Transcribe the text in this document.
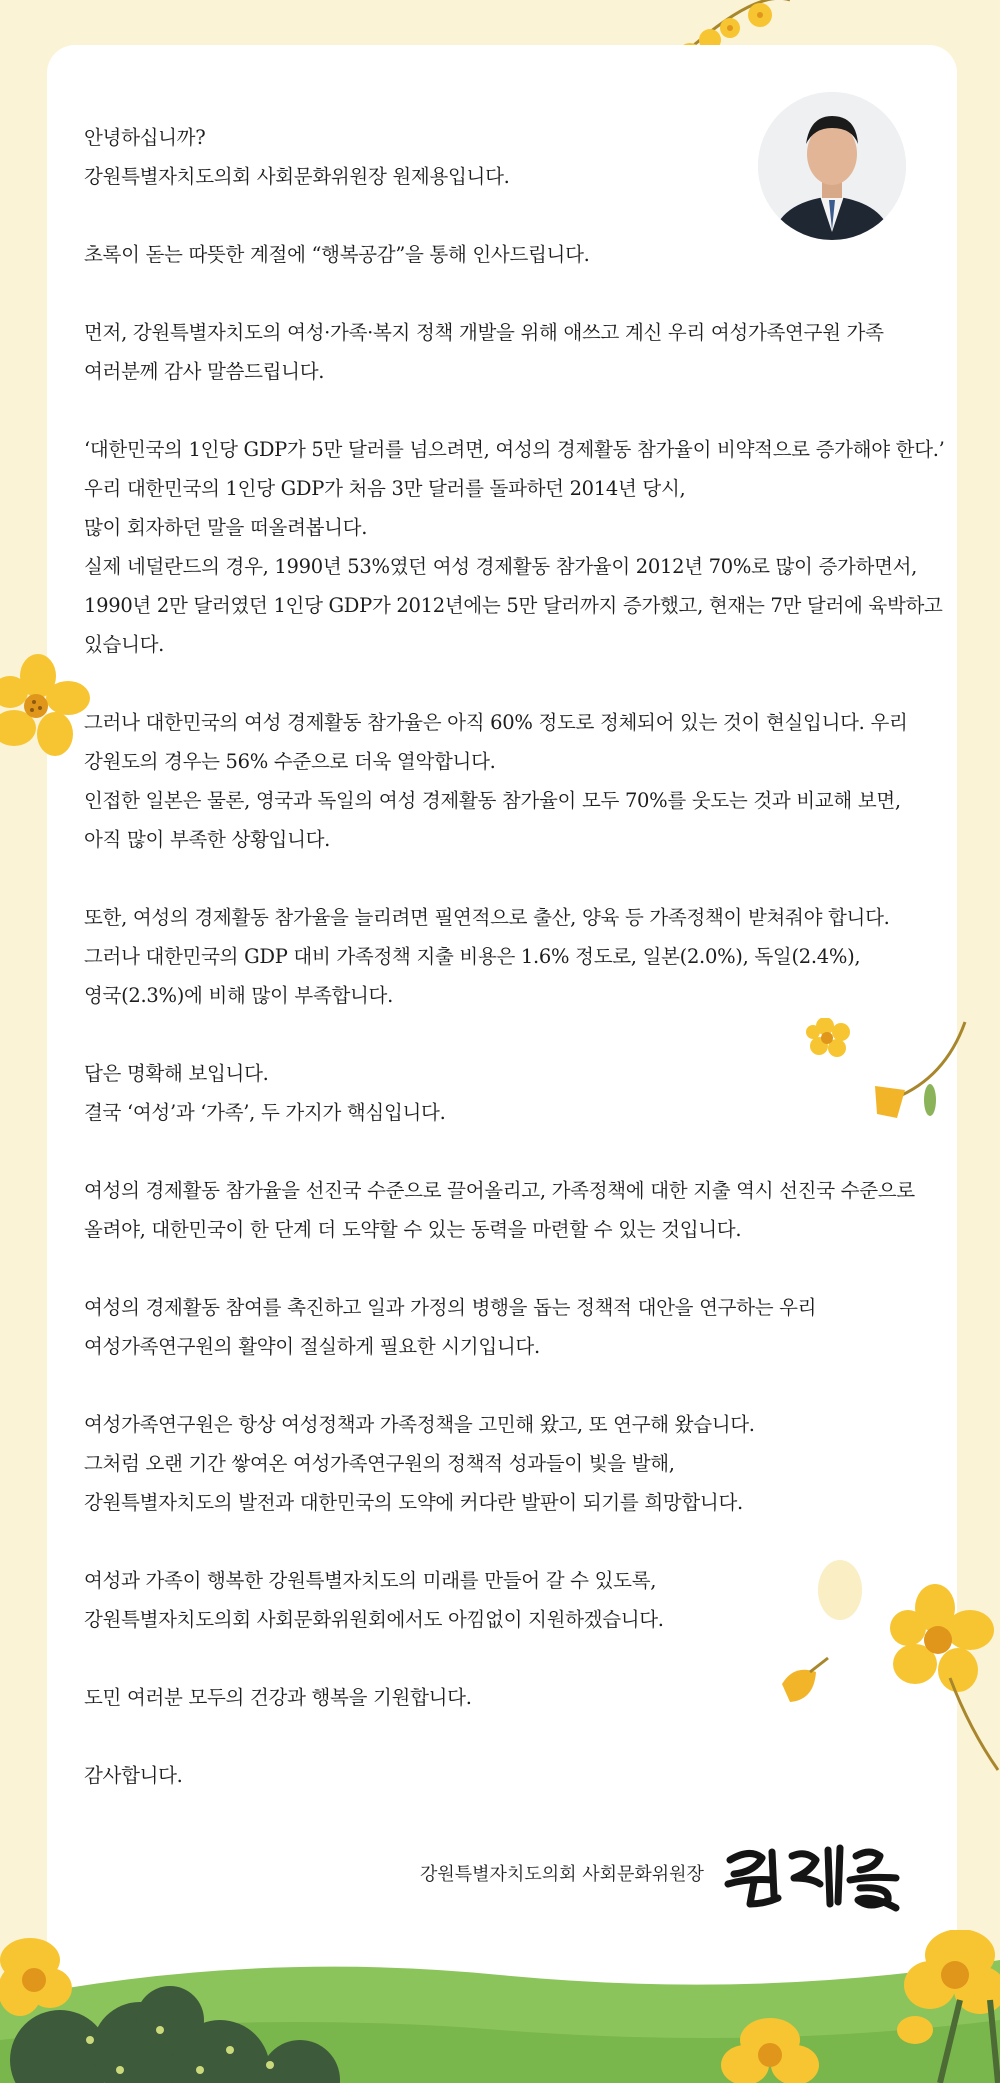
안녕하십니까?
강원특별자치도의회 사회문화위원장 원제용입니다.
초록이 돋는 따뜻한 계절에 “행복공감”을 통해 인사드립니다.
먼저, 강원특별자치도의 여성·가족·복지 정책 개발을 위해 애쓰고 계신 우리 여성가족연구원 가족
여러분께 감사 말씀드립니다.
‘대한민국의 1인당 GDP가 5만 달러를 넘으려면, 여성의 경제활동 참가율이 비약적으로 증가해야 한다.’
우리 대한민국의 1인당 GDP가 처음 3만 달러를 돌파하던 2014년 당시,
많이 회자하던 말을 떠올려봅니다.
실제 네덜란드의 경우, 1990년 53%였던 여성 경제활동 참가율이 2012년 70%로 많이 증가하면서,
1990년 2만 달러였던 1인당 GDP가 2012년에는 5만 달러까지 증가했고, 현재는 7만 달러에 육박하고
있습니다.
그러나 대한민국의 여성 경제활동 참가율은 아직 60% 정도로 정체되어 있는 것이 현실입니다. 우리
강원도의 경우는 56% 수준으로 더욱 열악합니다.
인접한 일본은 물론, 영국과 독일의 여성 경제활동 참가율이 모두 70%를 웃도는 것과 비교해 보면,
아직 많이 부족한 상황입니다.
또한, 여성의 경제활동 참가율을 늘리려면 필연적으로 출산, 양육 등 가족정책이 받쳐줘야 합니다.
그러나 대한민국의 GDP 대비 가족정책 지출 비용은 1.6% 정도로, 일본(2.0%), 독일(2.4%),
영국(2.3%)에 비해 많이 부족합니다.
답은 명확해 보입니다.
결국 ‘여성’과 ‘가족’, 두 가지가 핵심입니다.
여성의 경제활동 참가율을 선진국 수준으로 끌어올리고, 가족정책에 대한 지출 역시 선진국 수준으로
올려야, 대한민국이 한 단계 더 도약할 수 있는 동력을 마련할 수 있는 것입니다.
여성의 경제활동 참여를 촉진하고 일과 가정의 병행을 돕는 정책적 대안을 연구하는 우리
여성가족연구원의 활약이 절실하게 필요한 시기입니다.
여성가족연구원은 항상 여성정책과 가족정책을 고민해 왔고, 또 연구해 왔습니다.
그처럼 오랜 기간 쌓여온 여성가족연구원의 정책적 성과들이 빛을 발해,
강원특별자치도의 발전과 대한민국의 도약에 커다란 발판이 되기를 희망합니다.
여성과 가족이 행복한 강원특별자치도의 미래를 만들어 갈 수 있도록,
강원특별자치도의회 사회문화위원회에서도 아낌없이 지원하겠습니다.
도민 여러분 모두의 건강과 행복을 기원합니다.
감사합니다.
강원특별자치도의회 사회문화위원장
